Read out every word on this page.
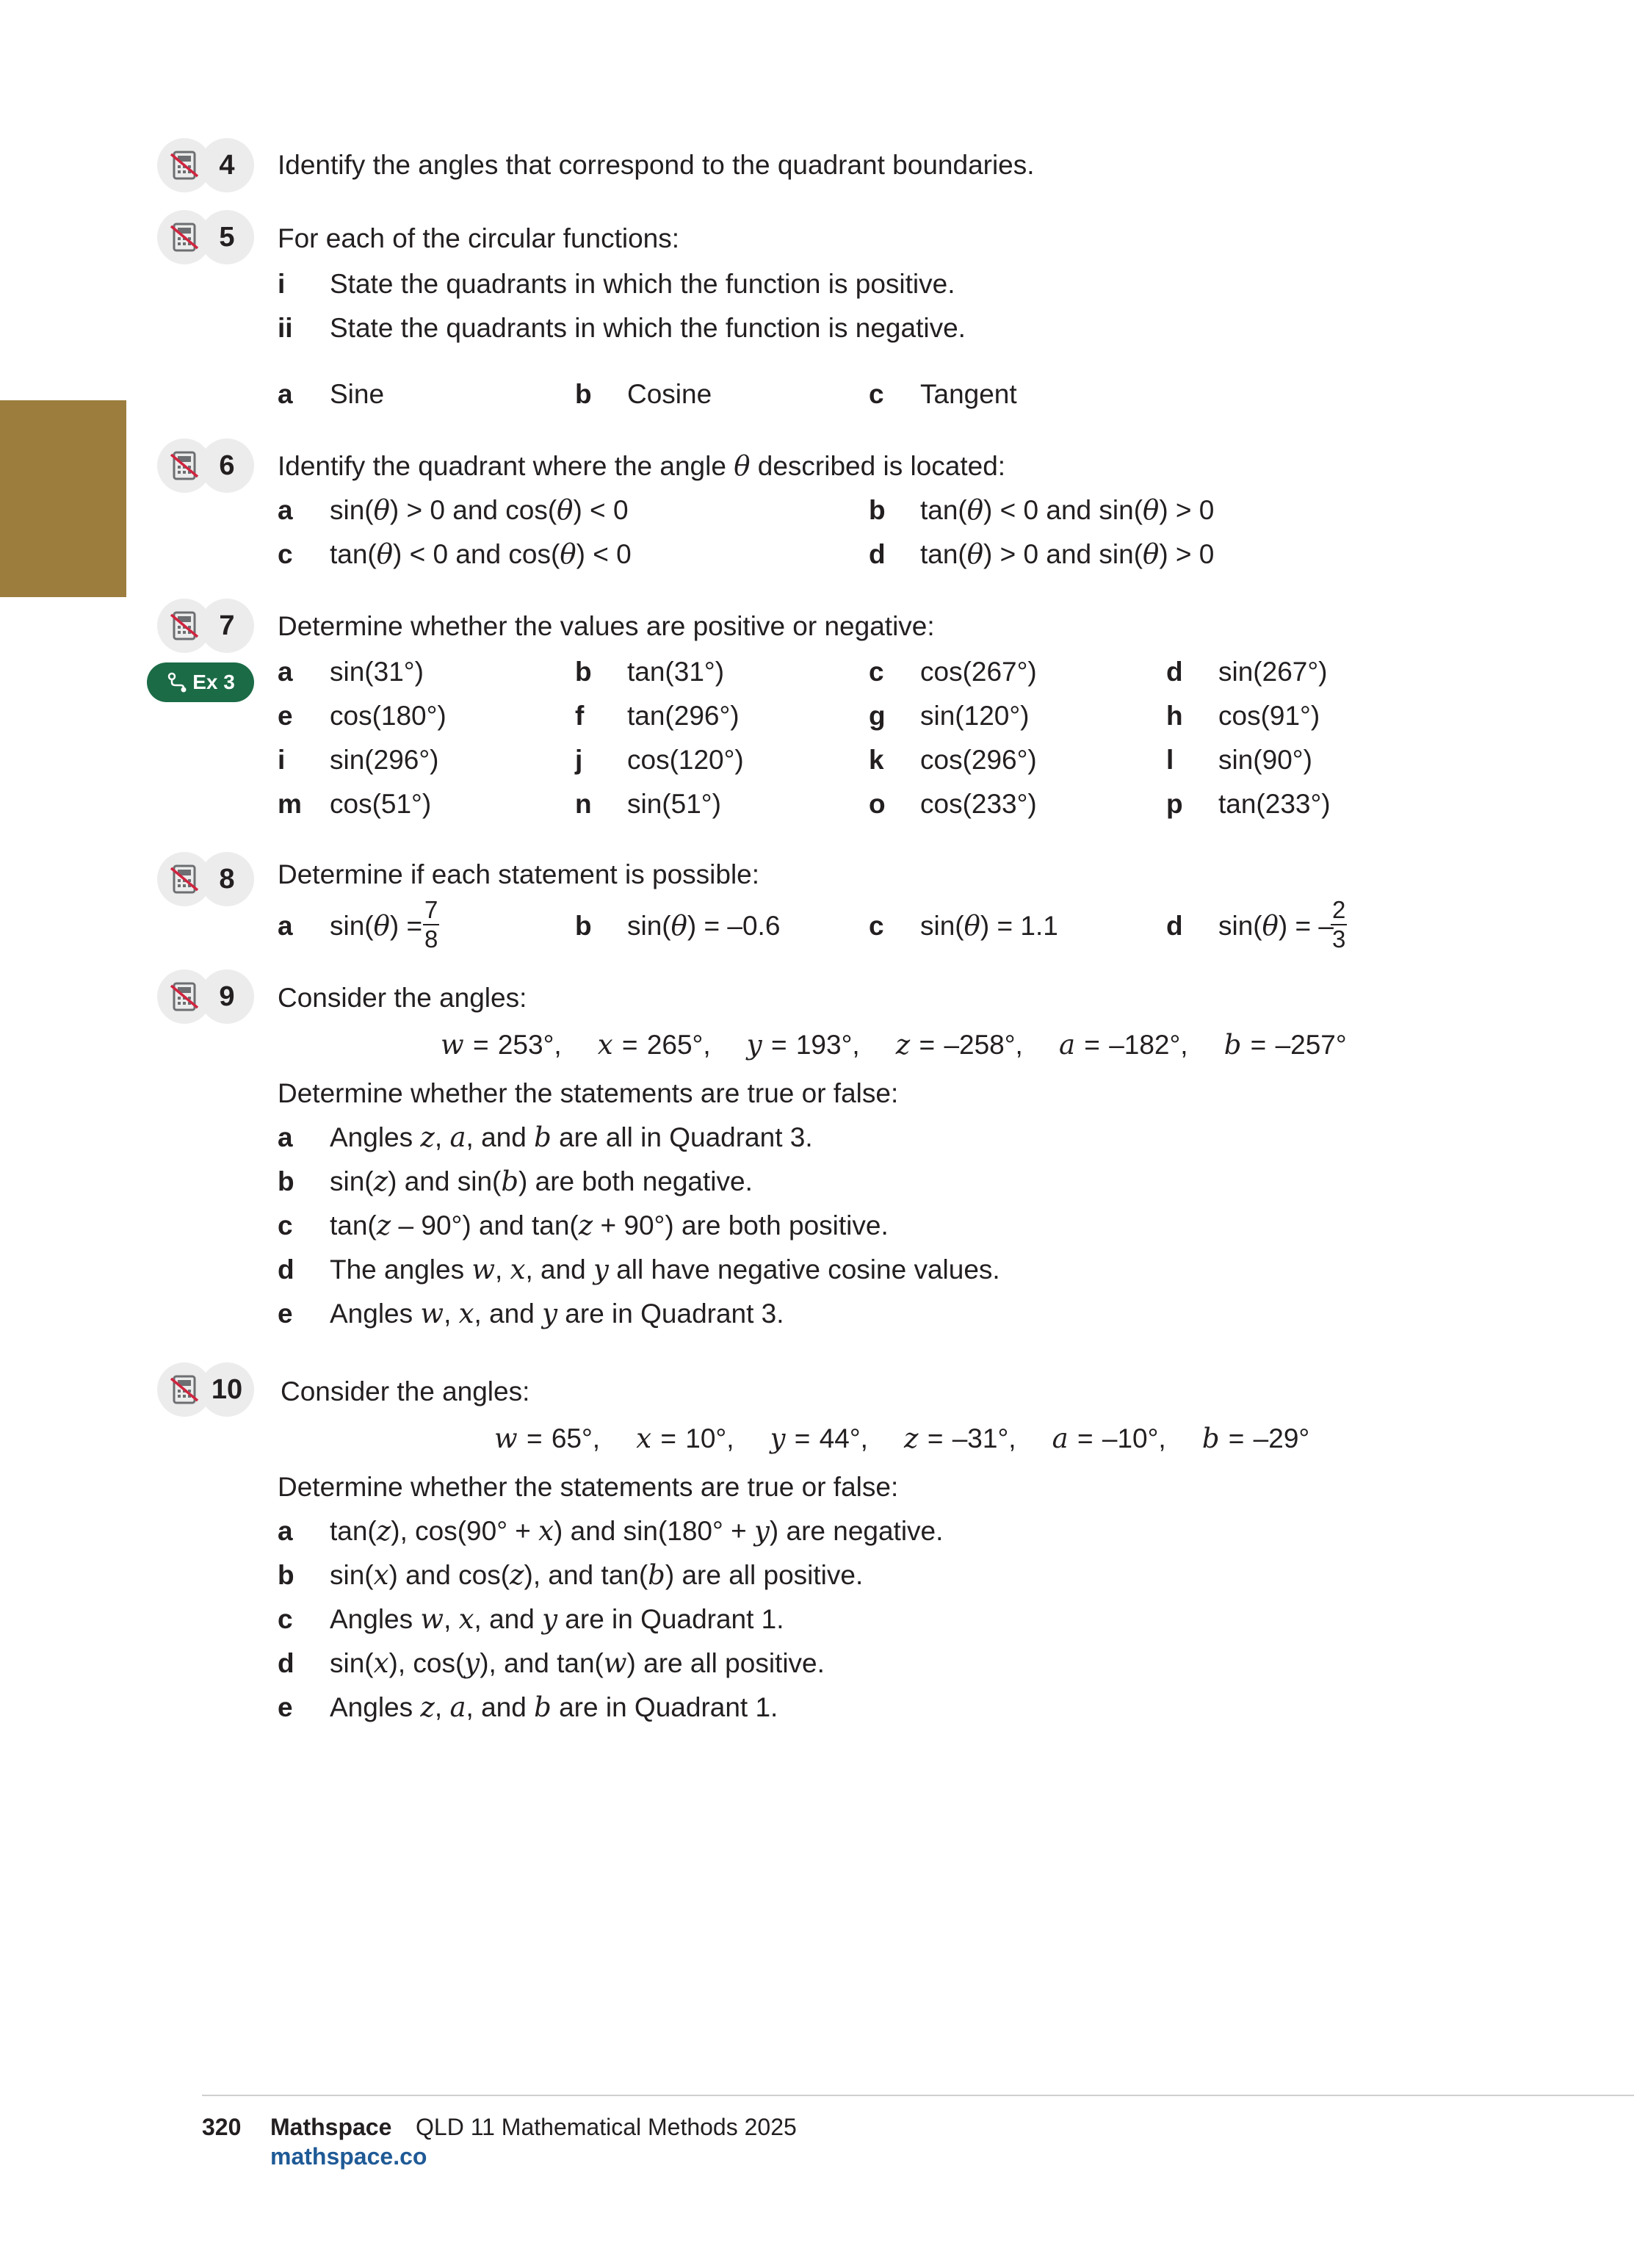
4	Identify the angles that correspond to the quadrant boundaries.
5	For each of the circular functions:
i State the quadrants in which the function is positive.
ii State the quadrants in which the function is negative.
a Sine	b Cosine	c Tangent
6	Identify the quadrant where the angle θ described is located:
a sin(θ) > 0 and cos(θ) < 0	b tan(θ) < 0 and sin(θ) > 0
c tan(θ) < 0 and cos(θ) < 0	d tan(θ) > 0 and sin(θ) > 0
7
Ex 3
Determine whether the values are positive or negative:
a sin(31°)	b tan(31°)	c cos(267°)	d sin(267°)
e cos(180°)	f tan(296°)	g sin(120°)	h cos(91°)
i sin(296°)	j cos(120°)	k cos(296°)	l sin(90°)
m cos(51°)	n sin(51°)	o cos(233°)	p tan(233°)
8	Determine if each statement is possible:
a $\sin(\theta) = \frac{7}{8}$	b sin(θ) = –0.6	c sin(θ) = 1.1	d sin(θ) = –
$\frac{2}{3}$
9	Consider the angles:
w = 253°, x = 265°, y = 193°, z = –258°, a = –182°, b = –257°
Determine whether the statements are true or false:
a Angles z, a, and b are all in Quadrant 3.
b sin(z) and sin(b) are both negative.
c tan(z – 90°) and tan(z + 90°) are both positive.
d The angles w, x, and y all have negative cosine values.
e Angles w, x, and y are in Quadrant 3.
10	Consider the angles:
w = 65°, x = 10°, y = 44°, z = –31°, a = –10°, b = –29°
Determine whether the statements are true or false:
a tan(z), cos(90° + x) and sin(180° + y) are negative.
b sin(x) and cos(z), and tan(b) are all positive.
c Angles w, x, and y are in Quadrant 1.
d sin(x), cos(y), and tan(w) are all positive.
e Angles z, a, and b are in Quadrant 1.
320 Mathspace QLD 11 Mathematical Methods 2025
mathspace.co
